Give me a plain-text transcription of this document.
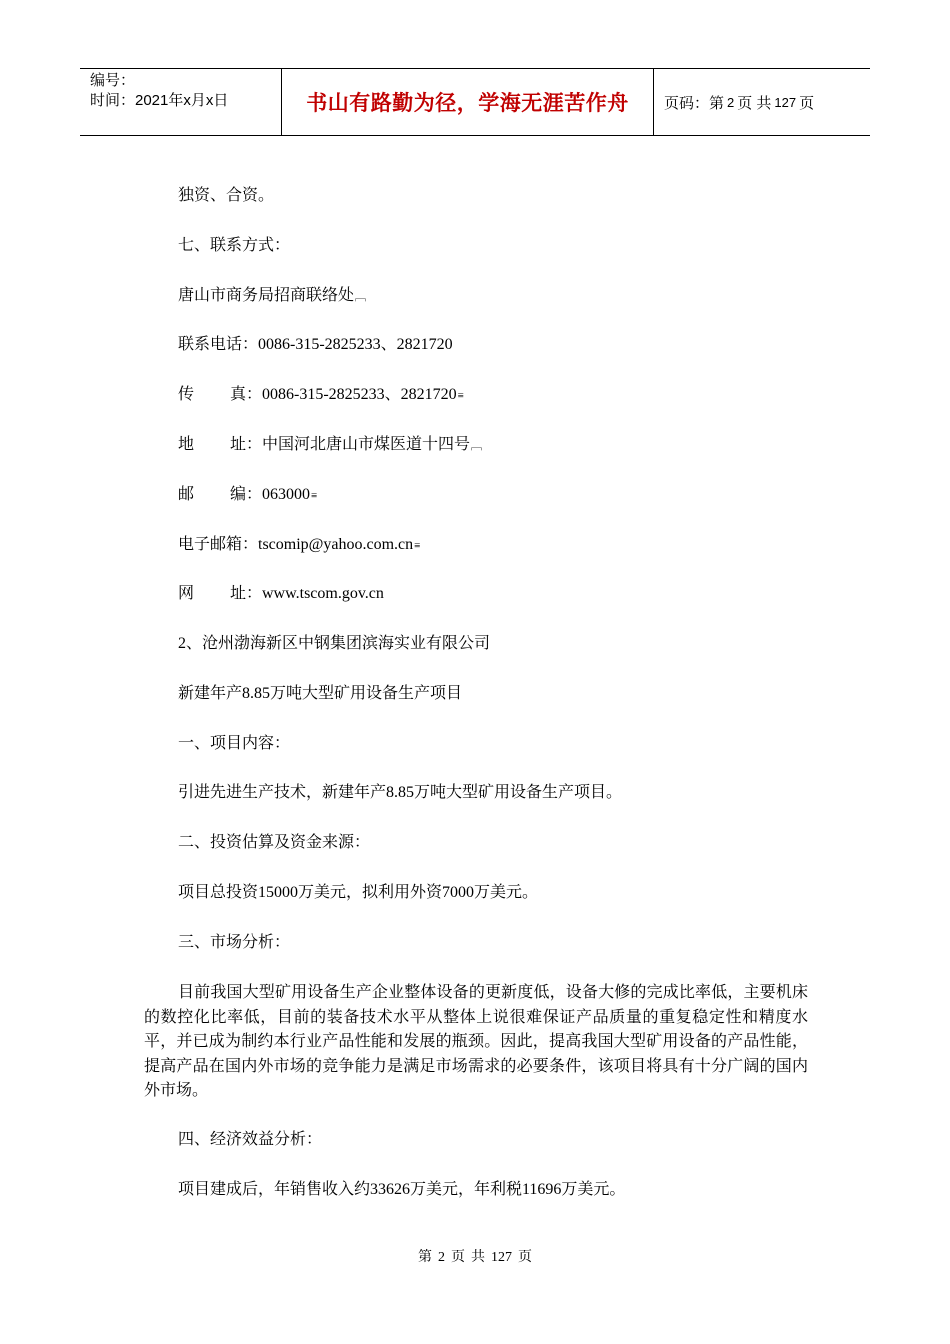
编号：
时间：2021年x月x日	书山有路勤为径，学海无涯苦作舟	页码：第 2 页 共 127 页
独资、合资。
七、联系方式：
唐山市商务局招商联络处﹇
联系电话：0086-315-2825233、2821720
传 真： 0086-315-2825233、2821720≡
地 址： 中国河北唐山市煤医道十四号﹇
邮 编： 063000≡
电子邮箱：tscomip@yahoo.com.cn≡
网 址： www.tscom.gov.cn
2、沧州渤海新区中钢集团滨海实业有限公司
新建年产8.85万吨大型矿用设备生产项目
一、项目内容：
引进先进生产技术，新建年产8.85万吨大型矿用设备生产项目。
二、投资估算及资金来源：
项目总投资15000万美元，拟利用外资7000万美元。
三、市场分析：
目前我国大型矿用设备生产企业整体设备的更新度低，设备大修的完成比率低，主要机床的数控化比率低，目前的装备技术水平从整体上说很难保证产品质量的重复稳定性和精度水平，并已成为制约本行业产品性能和发展的瓶颈。因此，提高我国大型矿用设备的产品性能，提高产品在国内外市场的竞争能力是满足市场需求的必要条件，该项目将具有十分广阔的国内外市场。
四、经济效益分析：
项目建成后，年销售收入约33626万美元，年利税11696万美元。
第 2 页 共 127 页
